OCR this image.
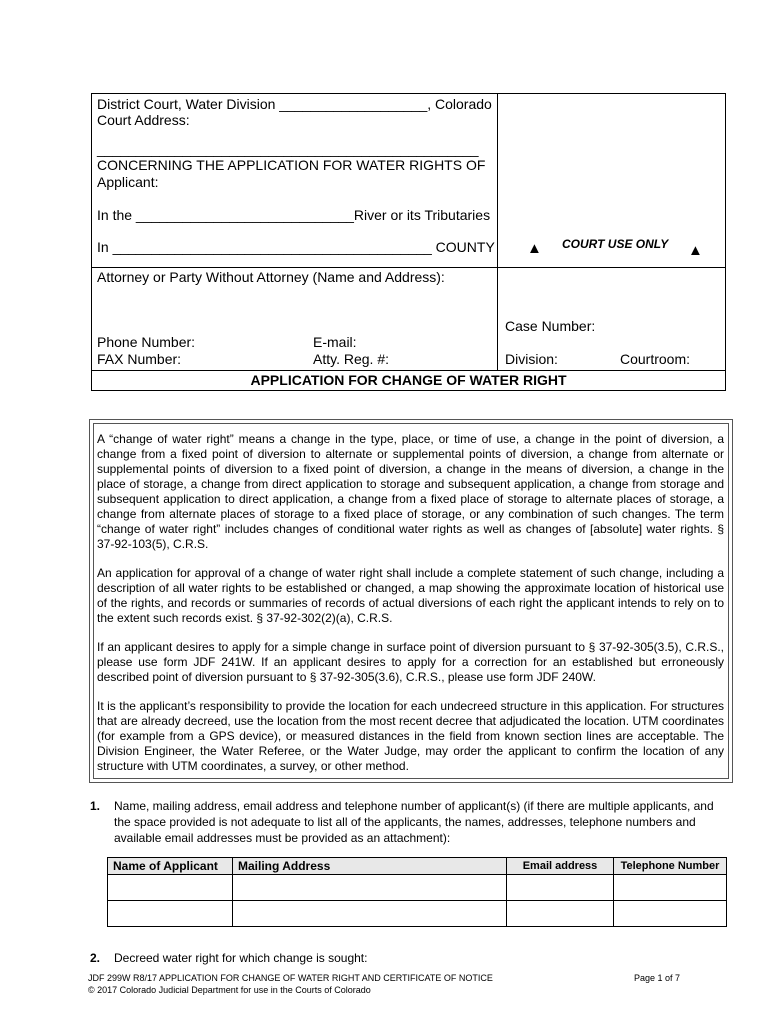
District Court, Water Division ___________________, Colorado
Court Address:
_________________________________________________
CONCERNING THE APPLICATION FOR WATER RIGHTS OF
Applicant:
In the ____________________________River or its Tributaries
In _________________________________________ COUNTY ▲ COURT USE ONLY ▲
Attorney or Party Without Attorney (Name and Address):
Phone Number:	E-mail:
FAX Number:	Atty. Reg. #:
Case Number:
Division:	Courtroom:
APPLICATION FOR CHANGE OF WATER RIGHT

A “change of water right” means a change in the type, place, or time of use, a change in the point of diversion, a change from a fixed point of diversion to alternate or supplemental points of diversion, a change from alternate or supplemental points of diversion to a fixed point of diversion, a change in the means of diversion, a change in the place of storage, a change from direct application to storage and subsequent application, a change from storage and subsequent application to direct application, a change from a fixed place of storage to alternate places of storage, a change from alternate places of storage to a fixed place of storage, or any combination of such changes. The term “change of water right” includes changes of conditional water rights as well as changes of [absolute] water rights. § 37-92-103(5), C.R.S.

An application for approval of a change of water right shall include a complete statement of such change, including a description of all water rights to be established or changed, a map showing the approximate location of historical use of the rights, and records or summaries of records of actual diversions of each right the applicant intends to rely on to the extent such records exist. § 37-92-302(2)(a), C.R.S.

If an applicant desires to apply for a simple change in surface point of diversion pursuant to § 37-92-305(3.5), C.R.S., please use form JDF 241W. If an applicant desires to apply for a correction for an established but erroneously described point of diversion pursuant to § 37-92-305(3.6), C.R.S., please use form JDF 240W.

It is the applicant’s responsibility to provide the location for each undecreed structure in this application. For structures that are already decreed, use the location from the most recent decree that adjudicated the location. UTM coordinates (for example from a GPS device), or measured distances in the field from known section lines are acceptable. The Division Engineer, the Water Referee, or the Water Judge, may order the applicant to confirm the location of any structure with UTM coordinates, a survey, or other method.

1. Name, mailing address, email address and telephone number of applicant(s) (if there are multiple applicants, and the space provided is not adequate to list all of the applicants, the names, addresses, telephone numbers and available email addresses must be provided as an attachment):
Name of Applicant	Mailing Address	Email address	Telephone Number

2. Decreed water right for which change is sought:
JDF 299W R8/17 APPLICATION FOR CHANGE OF WATER RIGHT AND CERTIFICATE OF NOTICE	Page 1 of 7
© 2017 Colorado Judicial Department for use in the Courts of Colorado
